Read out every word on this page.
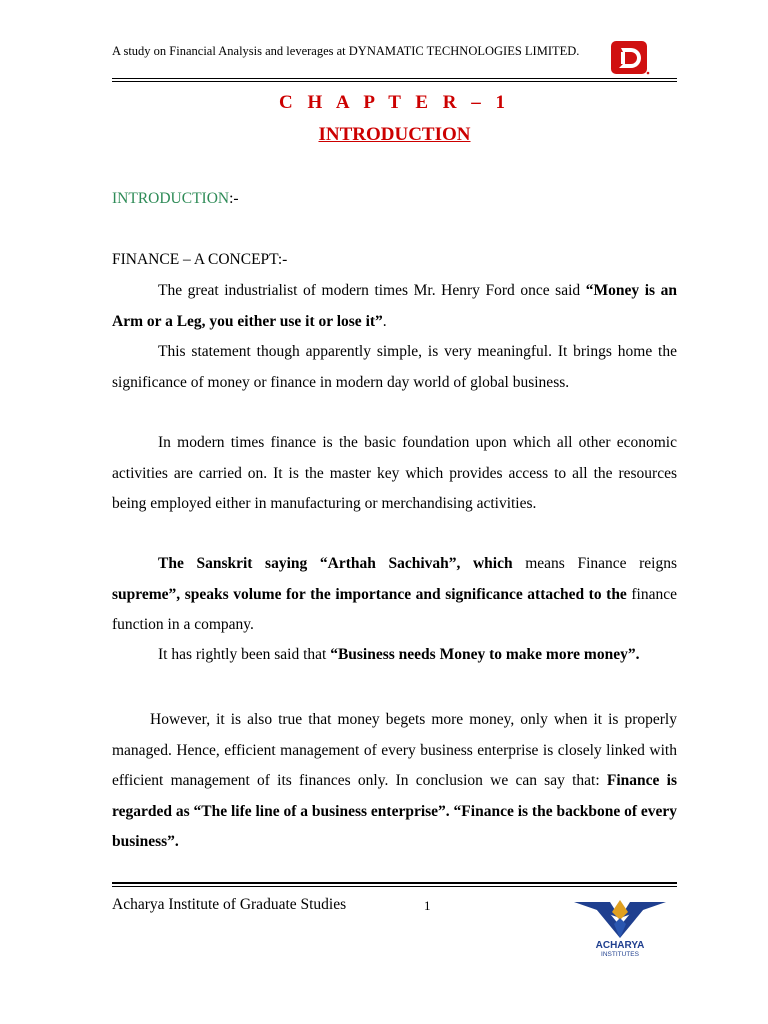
A study on Financial Analysis and leverages at DYNAMATIC TECHNOLOGIES LIMITED.
C H A P T E R – 1
INTRODUCTION
INTRODUCTION:-
FINANCE – A CONCEPT:-

The great industrialist of modern times Mr. Henry Ford once said “Money is an Arm or a Leg, you either use it or lose it”.

This statement though apparently simple, is very meaningful. It brings home the significance of money or finance in modern day world of global business.

In modern times finance is the basic foundation upon which all other economic activities are carried on. It is the master key which provides access to all the resources being employed either in manufacturing or merchandising activities.

The Sanskrit saying “Arthah Sachivah”, which means Finance reigns supreme”, speaks volume for the importance and significance attached to the finance function in a company.

It has rightly been said that “Business needs Money to make more money”.

However, it is also true that money begets more money, only when it is properly managed. Hence, efficient management of every business enterprise is closely linked with efficient management of its finances only. In conclusion we can say that: Finance is regarded as “The life line of a business enterprise”. “Finance is the backbone of every business”.

Acharya Institute of Graduate Studies	1
ACHARYA
INSTITUTES
